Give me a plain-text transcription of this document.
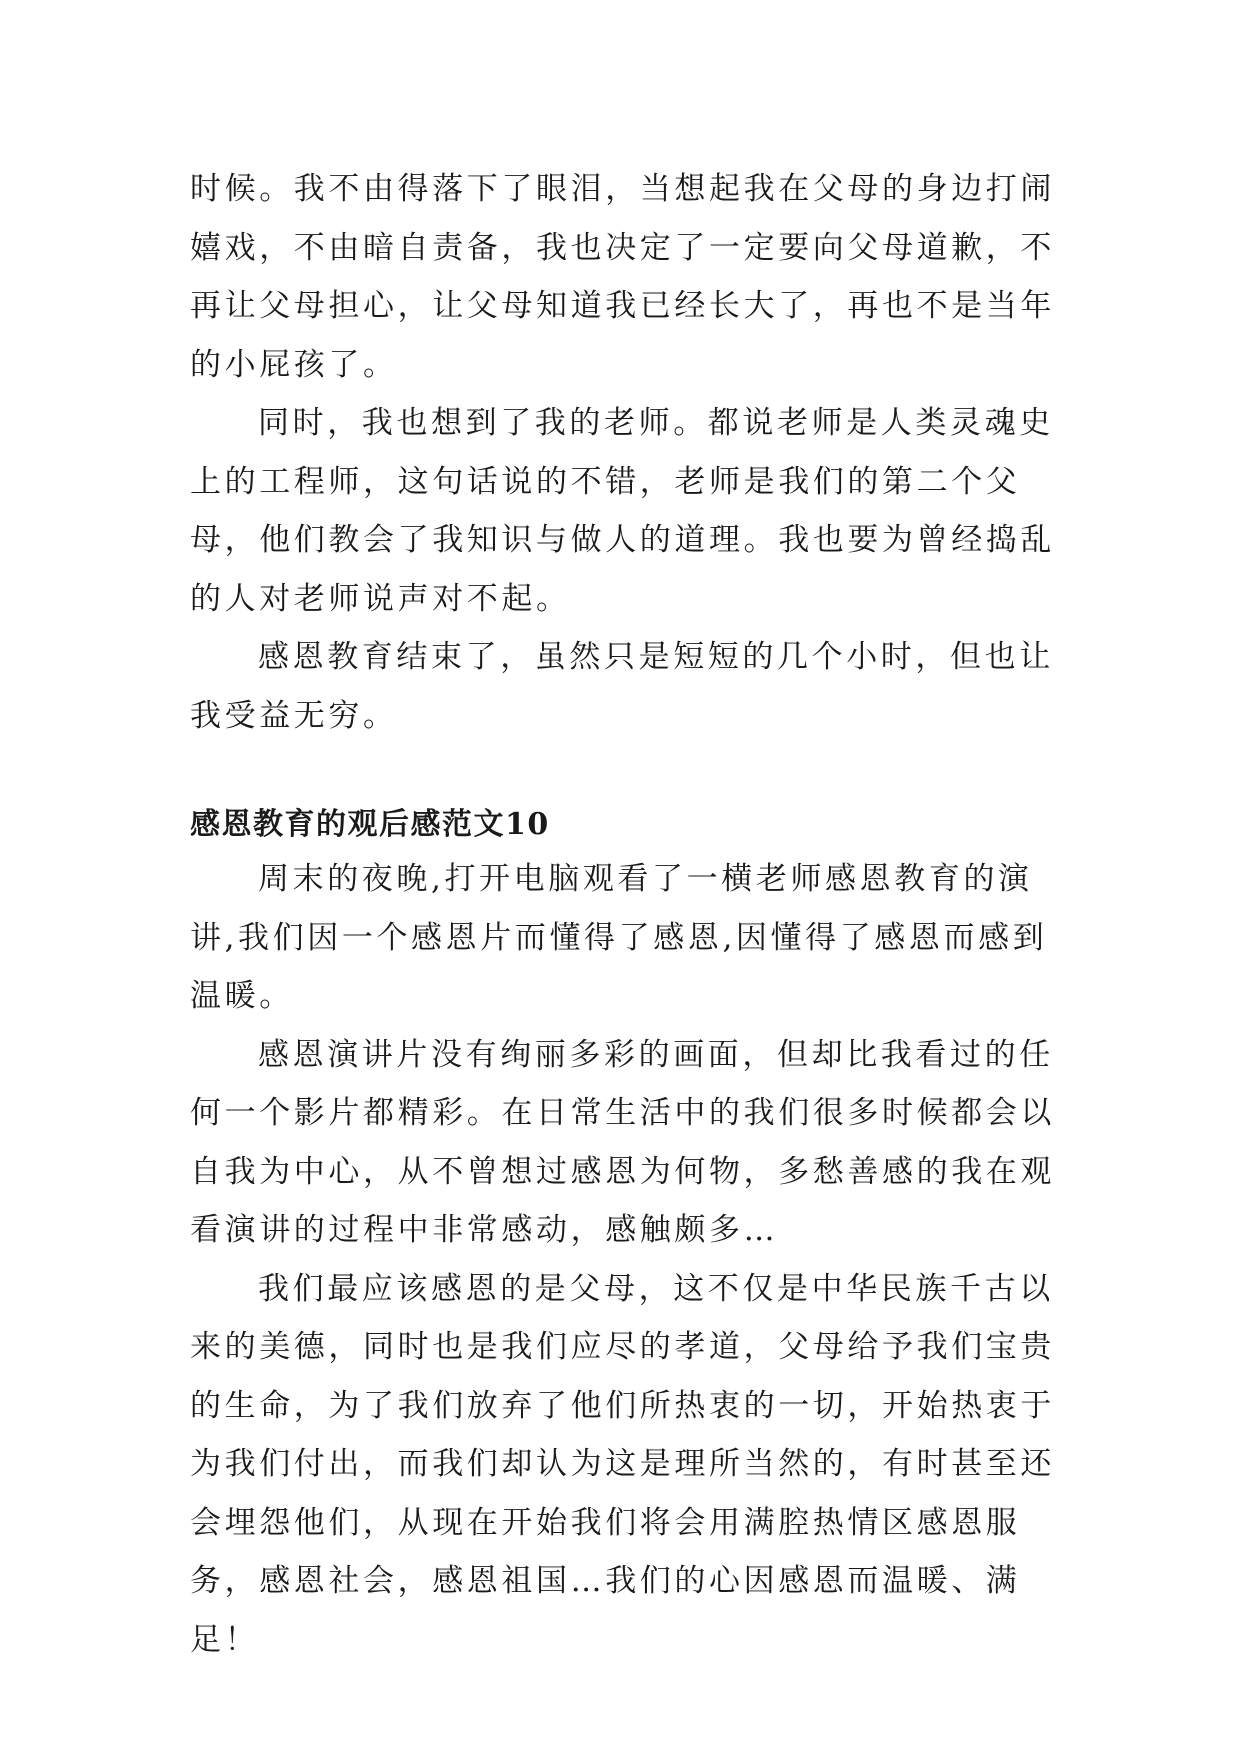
时候。我不由得落下了眼泪，当想起我在父母的身边打闹嬉戏，不由暗自责备，我也决定了一定要向父母道歉，不再让父母担心，让父母知道我已经长大了，再也不是当年的小屁孩了。

同时，我也想到了我的老师。都说老师是人类灵魂史上的工程师，这句话说的不错，老师是我们的第二个父母，他们教会了我知识与做人的道理。我也要为曾经捣乱的人对老师说声对不起。

感恩教育结束了，虽然只是短短的几个小时，但也让我受益无穷。

感恩教育的观后感范文10

周末的夜晚,打开电脑观看了一横老师感恩教育的演讲,我们因一个感恩片而懂得了感恩,因懂得了感恩而感到温暖。

感恩演讲片没有绚丽多彩的画面，但却比我看过的任何一个影片都精彩。在日常生活中的我们很多时候都会以自我为中心，从不曾想过感恩为何物，多愁善感的我在观看演讲的过程中非常感动，感触颇多…

我们最应该感恩的是父母，这不仅是中华民族千古以来的美德，同时也是我们应尽的孝道，父母给予我们宝贵的生命，为了我们放弃了他们所热衷的一切，开始热衷于为我们付出，而我们却认为这是理所当然的，有时甚至还会埋怨他们，从现在开始我们将会用满腔热情区感恩服务，感恩社会，感恩祖国…我们的心因感恩而温暖、满足！
